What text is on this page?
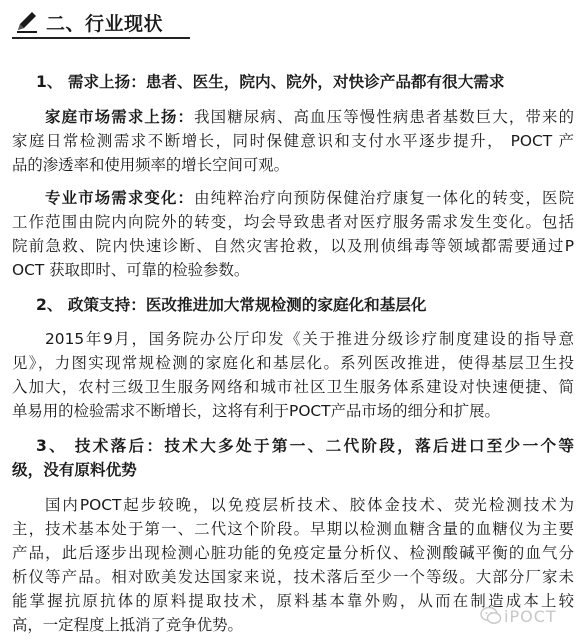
二、行业现状
1、 需求上扬：患者、医生，院内、院外，对快诊产品都有很大需求
家庭市场需求上扬：我国糖尿病、高血压等慢性病患者基数巨大，带来的
家庭日常检测需求不断增长，同时保健意识和支付水平逐步提升， POCT 产
品的渗透率和使用频率的增长空间可观。
专业市场需求变化：由纯粹治疗向预防保健治疗康复一体化的转变，医院
工作范围由院内向院外的转变，均会导致患者对医疗服务需求发生变化。包括
院前急救、院内快速诊断、自然灾害抢救，以及刑侦缉毒等领域都需要通过P
OCT 获取即时、可靠的检验参数。
2、 政策支持：医改推进加大常规检测的家庭化和基层化
2015年9月，国务院办公厅印发《关于推进分级诊疗制度建设的指导意
见》，力图实现常规检测的家庭化和基层化。系列医改推进，使得基层卫生投
入加大，农村三级卫生服务网络和城市社区卫生服务体系建设对快速便捷、简
单易用的检验需求不断增长，这将有利于POCT产品市场的细分和扩展。
3、 技术落后：技术大多处于第一、二代阶段，落后进口至少一个等
级，没有原料优势
国内POCT起步较晚，以免疫层析技术、胶体金技术、荧光检测技术为
主，技术基本处于第一、二代这个阶段。早期以检测血糖含量的血糖仪为主要
产品，此后逐步出现检测心脏功能的免疫定量分析仪、检测酸碱平衡的血气分
析仪等产品。相对欧美发达国家来说，技术落后至少一个等级。大部分厂家未
能掌握抗原抗体的原料提取技术，原料基本靠外购，从而在制造成本上较
高，一定程度上抵消了竞争优势。	iPOCT
